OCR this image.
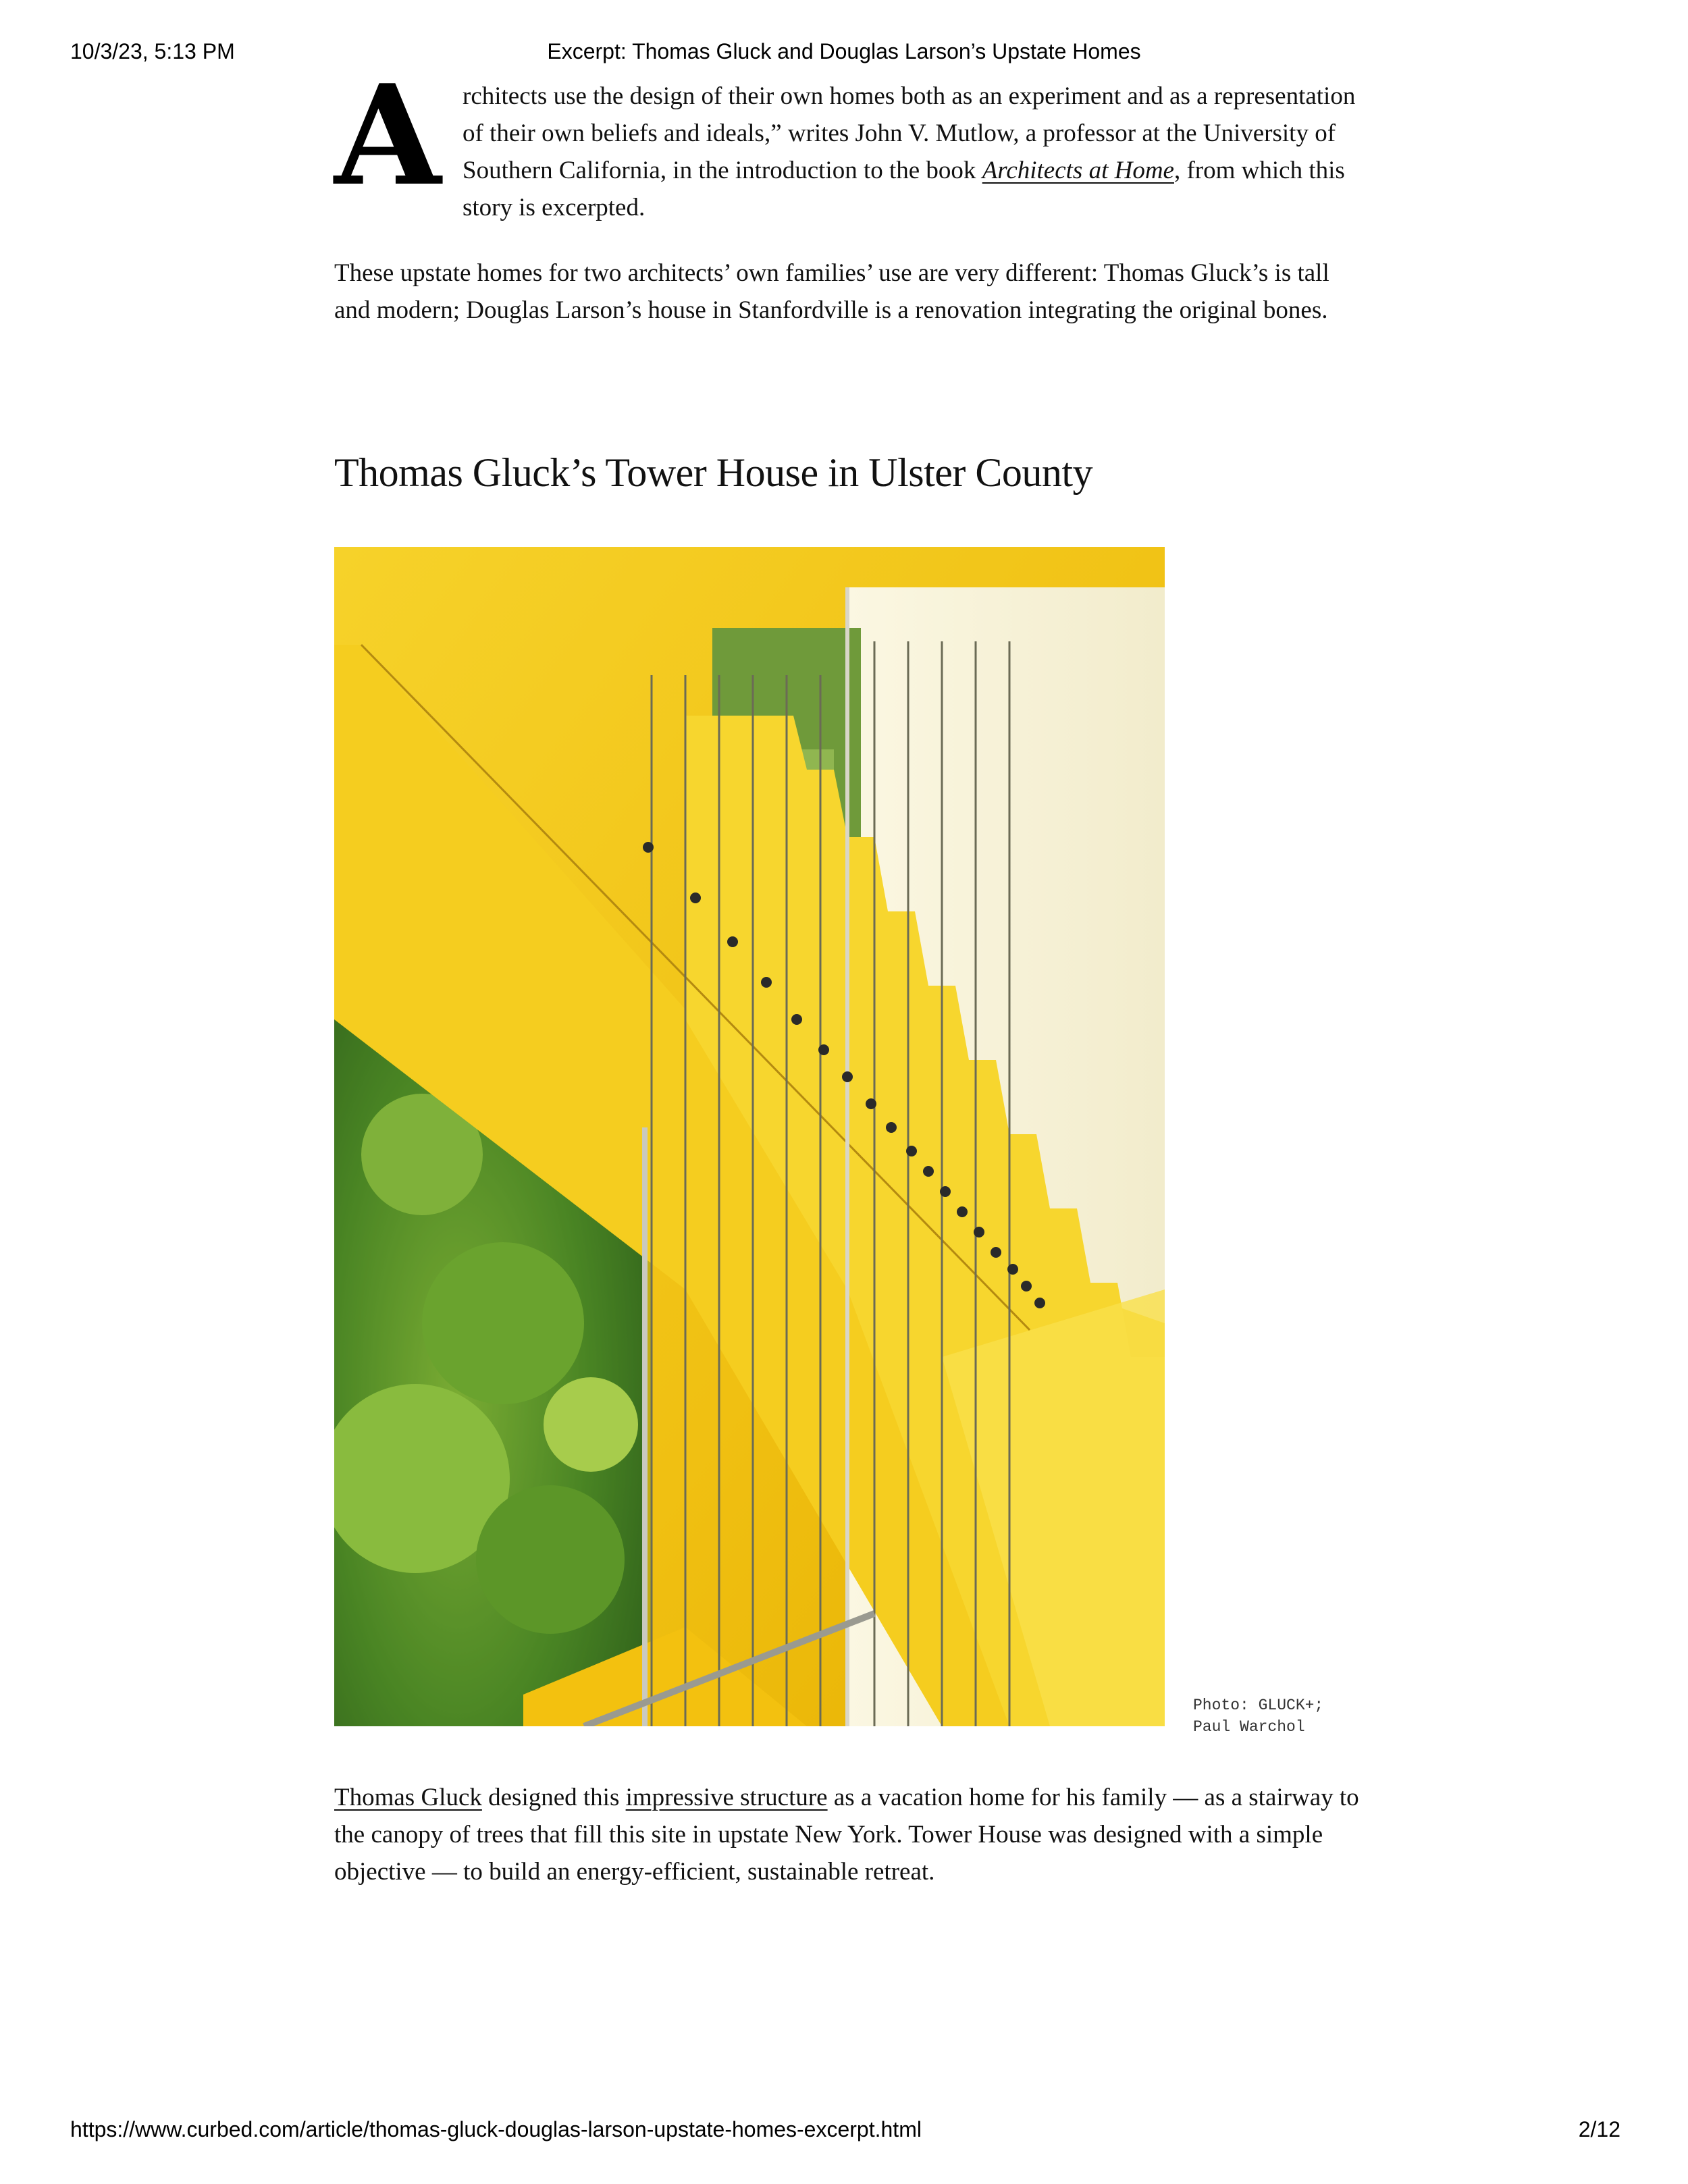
10/3/23, 5:13 PM	Excerpt: Thomas Gluck and Douglas Larson’s Upstate Homes

Architects use the design of their own homes both as an experiment and as a representation of their own beliefs and ideals,” writes John V. Mutlow, a professor at the University of Southern California, in the introduction to the book Architects at Home, from which this story is excerpted.

These upstate homes for two architects’ own families’ use are very different: Thomas Gluck’s is tall and modern; Douglas Larson’s house in Stanfordville is a renovation integrating the original bones.

Thomas Gluck’s Tower House in Ulster County
Photo: GLUCK+;
Paul Warchol

Thomas Gluck designed this impressive structure as a vacation home for his family — as a stairway to the canopy of trees that fill this site in upstate New York. Tower House was designed with a simple objective — to build an energy-efficient, sustainable retreat.

https://www.curbed.com/article/thomas-gluck-douglas-larson-upstate-homes-excerpt.html	2/12
